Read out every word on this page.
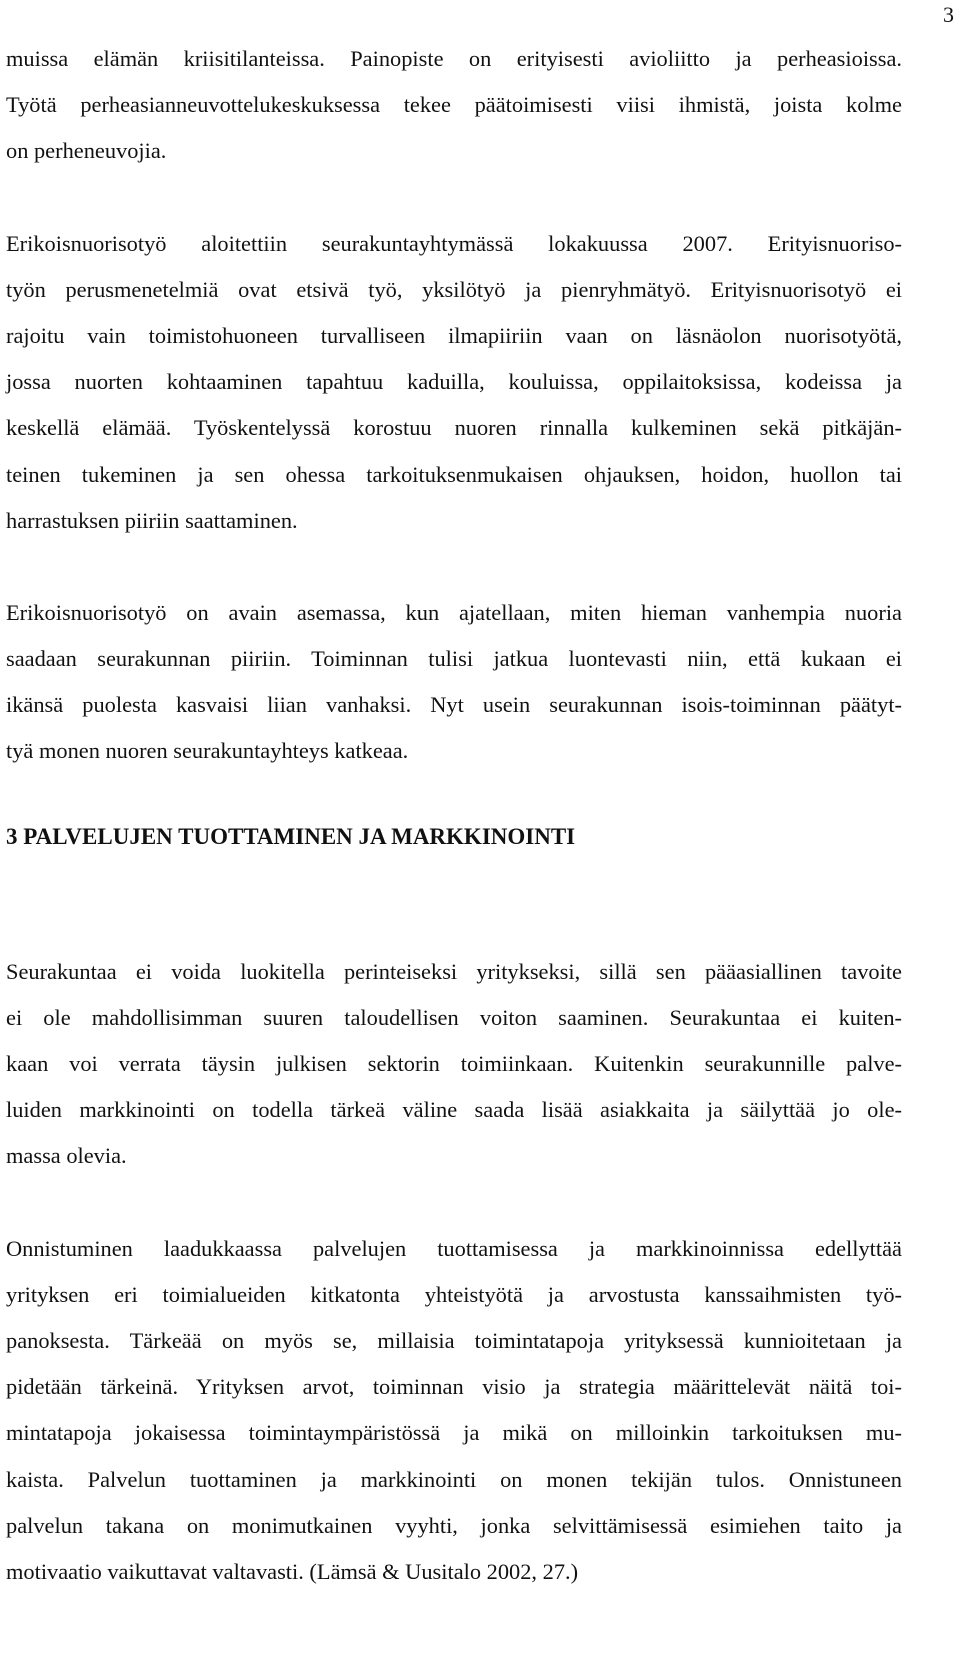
3

muissa elämän kriisitilanteissa. Painopiste on erityisesti avioliitto ja perheasioissa.
Työtä perheasianneuvottelukeskuksessa tekee päätoimisesti viisi ihmistä, joista kolme
on perheneuvojia.

Erikoisnuorisotyö aloitettiin seurakuntayhtymässä lokakuussa 2007. Erityisnuoriso-
työn perusmenetelmiä ovat etsivä työ, yksilötyö ja pienryhmätyö. Erityisnuorisotyö ei
rajoitu vain toimistohuoneen turvalliseen ilmapiiriin vaan on läsnäolon nuorisotyötä,
jossa nuorten kohtaaminen tapahtuu kaduilla, kouluissa, oppilaitoksissa, kodeissa ja
keskellä elämää. Työskentelyssä korostuu nuoren rinnalla kulkeminen sekä pitkäjän-
teinen tukeminen ja sen ohessa tarkoituksenmukaisen ohjauksen, hoidon, huollon tai
harrastuksen piiriin saattaminen.

Erikoisnuorisotyö on avain asemassa, kun ajatellaan, miten hieman vanhempia nuoria
saadaan seurakunnan piiriin. Toiminnan tulisi jatkua luontevasti niin, että kukaan ei
ikänsä puolesta kasvaisi liian vanhaksi. Nyt usein seurakunnan isois-toiminnan päätyt-
tyä monen nuoren seurakuntayhteys katkeaa.

3 PALVELUJEN TUOTTAMINEN JA MARKKINOINTI

Seurakuntaa ei voida luokitella perinteiseksi yritykseksi, sillä sen pääasiallinen tavoite
ei ole mahdollisimman suuren taloudellisen voiton saaminen. Seurakuntaa ei kuiten-
kaan voi verrata täysin julkisen sektorin toimiinkaan. Kuitenkin seurakunnille palve-
luiden markkinointi on todella tärkeä väline saada lisää asiakkaita ja säilyttää jo ole-
massa olevia.

Onnistuminen laadukkaassa palvelujen tuottamisessa ja markkinoinnissa edellyttää
yrityksen eri toimialueiden kitkatonta yhteistyötä ja arvostusta kanssaihmisten työ-
panoksesta. Tärkeää on myös se, millaisia toimintatapoja yrityksessä kunnioitetaan ja
pidetään tärkeinä. Yrityksen arvot, toiminnan visio ja strategia määrittelevät näitä toi-
mintatapoja jokaisessa toimintaympäristössä ja mikä on milloinkin tarkoituksen mu-
kaista. Palvelun tuottaminen ja markkinointi on monen tekijän tulos. Onnistuneen
palvelun takana on monimutkainen vyyhti, jonka selvittämisessä esimiehen taito ja
motivaatio vaikuttavat valtavasti. (Lämsä & Uusitalo 2002, 27.)
